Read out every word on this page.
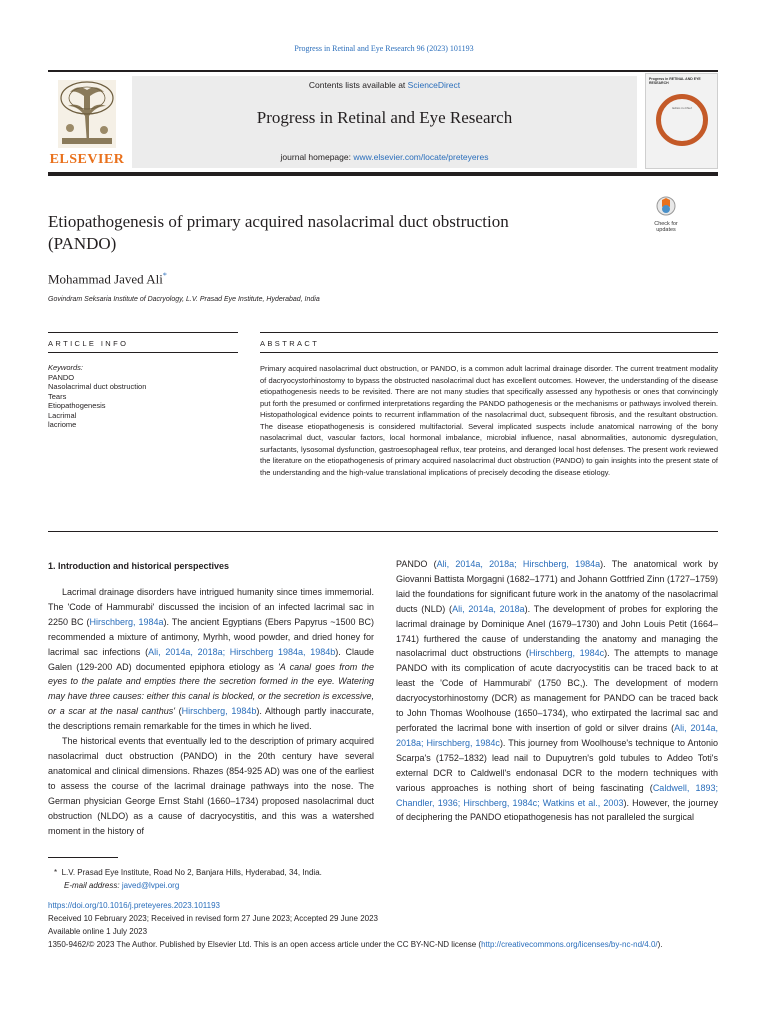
Progress in Retinal and Eye Research 96 (2023) 101193
ELSEVIER
Contents lists available at ScienceDirect
Progress in Retinal and Eye Research
journal homepage: www.elsevier.com/locate/preteyeres
Progress in RETINAL AND EYE RESEARCH
Editor-in-Chief
Etiopathogenesis of primary acquired nasolacrimal duct obstruction (PANDO)
Check for updates
Mohammad Javed Ali*
Govindram Seksaria Institute of Dacryology, L.V. Prasad Eye Institute, Hyderabad, India
ARTICLE INFO	ABSTRACT
Keywords:
PANDO
Nasolacrimal duct obstruction
Tears
Etiopathogenesis
Lacrimal
lacriome
Primary acquired nasolacrimal duct obstruction, or PANDO, is a common adult lacrimal drainage disorder. The current treatment modality of dacryocystorhinostomy to bypass the obstructed nasolacrimal duct has excellent outcomes. However, the understanding of the disease etiopathogenesis needs to be revisited. There are not many studies that specifically assessed any hypothesis or ones that convincingly put forth the presumed or confirmed interpretations regarding the PANDO pathogenesis or the mechanisms or pathways involved therein. Histopathological evidence points to recurrent inflammation of the nasolacrimal duct, subsequent fibrosis, and the resultant obstruction. The disease etiopathogenesis is considered multifactorial. Several implicated suspects include anatomical narrowing of the bony nasolacrimal duct, vascular factors, local hormonal imbalance, microbial influence, nasal abnormalities, autonomic dysregulation, surfactants, lysosomal dysfunction, gastroesophageal reflux, tear proteins, and deranged local host defenses. The present work reviewed the literature on the etiopathogenesis of primary acquired nasolacrimal duct obstruction (PANDO) to gain insights into the present state of the understanding and the high-value translational implications of precisely decoding the disease etiology.
1. Introduction and historical perspectives

Lacrimal drainage disorders have intrigued humanity since times immemorial. The 'Code of Hammurabi' discussed the incision of an infected lacrimal sac in 2250 BC (Hirschberg, 1984a). The ancient Egyptians (Ebers Papyrus ~1500 BC) recommended a mixture of antimony, Myrhh, wood powder, and dried honey for lacrimal sac infections (Ali, 2014a, 2018a; Hirschberg 1984a, 1984b). Claude Galen (129-200 AD) documented epiphora etiology as 'A canal goes from the eyes to the palate and empties there the secretion formed in the eye. Watering may have three causes: either this canal is blocked, or the secretion is excessive, or a scar at the nasal canthus' (Hirschberg, 1984b). Although partly inaccurate, the descriptions remain remarkable for the times in which he lived.

The historical events that eventually led to the description of primary acquired nasolacrimal duct obstruction (PANDO) in the 20th century have several anatomical and clinical dimensions. Rhazes (854-925 AD) was one of the earliest to assess the course of the lacrimal drainage pathways into the nose. The German physician George Ernst Stahl (1660–1734) proposed nasolacrimal duct obstruction (NLDO) as a cause of dacryocystitis, and this was a watershed moment in the history of

PANDO (Ali, 2014a, 2018a; Hirschberg, 1984a). The anatomical work by Giovanni Battista Morgagni (1682–1771) and Johann Gottfried Zinn (1727–1759) laid the foundations for significant future work in the anatomy of the nasolacrimal ducts (NLD) (Ali, 2014a, 2018a). The development of probes for exploring the lacrimal drainage by Dominique Anel (1679–1730) and John Louis Petit (1664–1741) furthered the cause of understanding the anatomy and managing the nasolacrimal duct obstructions (Hirschberg, 1984c). The attempts to manage PANDO with its complication of acute dacryocystitis can be traced back to at least the 'Code of Hammurabi' (1750 BC,). The development of modern dacryocystorhinostomy (DCR) as management for PANDO can be traced back to John Thomas Woolhouse (1650–1734), who extirpated the lacrimal sac and perforated the lacrimal bone with insertion of gold or silver drains (Ali, 2014a, 2018a; Hirschberg, 1984c). This journey from Woolhouse's technique to Antonio Scarpa's (1752–1832) lead nail to Dupuytren's gold tubules to Addeo Toti's external DCR to Caldwell's endonasal DCR to the modern techniques with various approaches is nothing short of being fascinating (Caldwell, 1893; Chandler, 1936; Hirschberg, 1984c; Watkins et al., 2003). However, the journey of deciphering the PANDO etiopathogenesis has not paralleled the surgical

* L.V. Prasad Eye Institute, Road No 2, Banjara Hills, Hyderabad, 34, India.
E-mail address: javed@lvpei.org
https://doi.org/10.1016/j.preteyeres.2023.101193
Received 10 February 2023; Received in revised form 27 June 2023; Accepted 29 June 2023
Available online 1 July 2023
1350-9462/© 2023 The Author. Published by Elsevier Ltd. This is an open access article under the CC BY-NC-ND license (http://creativecommons.org/licenses/by-nc-nd/4.0/).
